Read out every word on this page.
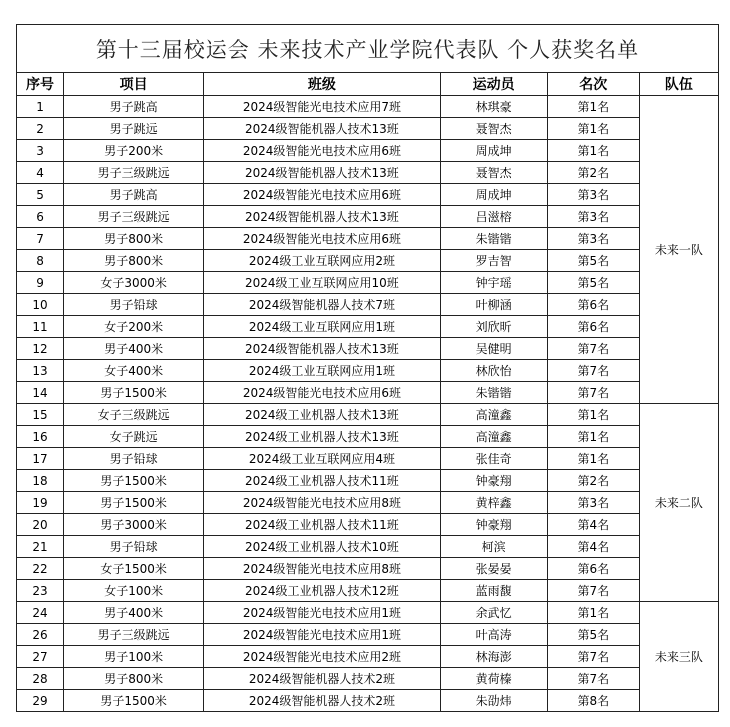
第十三届校运会 未来技术产业学院代表队 个人获奖名单					
序号	项目	班级	运动员	名次	队伍
1	男子跳高	2024级智能光电技术应用7班	林琪豪	第1名	未来一队
2	男子跳远	2024级智能机器人技术13班	聂智杰	第1名	
3	男子200米	2024级智能光电技术应用6班	周成坤	第1名	
4	男子三级跳远	2024级智能机器人技术13班	聂智杰	第2名	
5	男子跳高	2024级智能光电技术应用6班	周成坤	第3名	
6	男子三级跳远	2024级智能机器人技术13班	吕滋榕	第3名	
7	男子800米	2024级智能光电技术应用6班	朱锴锴	第3名	
8	男子800米	2024级工业互联网应用2班	罗吉智	第5名	
9	女子3000米	2024级工业互联网应用10班	钟宇瑶	第5名	
10	男子铅球	2024级智能机器人技术7班	叶柳涵	第6名	
11	女子200米	2024级工业互联网应用1班	刘欣昕	第6名	
12	男子400米	2024级智能机器人技术13班	吴健明	第7名	
13	女子400米	2024级工业互联网应用1班	林欣怡	第7名	
14	男子1500米	2024级智能光电技术应用6班	朱锴锴	第7名	
15	女子三级跳远	2024级工业机器人技术13班	高潼鑫	第1名	未来二队
16	女子跳远	2024级工业机器人技术13班	高潼鑫	第1名	
17	男子铅球	2024级工业互联网应用4班	张佳奇	第1名	
18	男子1500米	2024级工业机器人技术11班	钟豪翔	第2名	
19	男子1500米	2024级智能光电技术应用8班	黄梓鑫	第3名	
20	男子3000米	2024级工业机器人技术11班	钟豪翔	第4名	
21	男子铅球	2024级工业机器人技术10班	柯滨	第4名	
22	女子1500米	2024级智能光电技术应用8班	张晏晏	第6名	
23	女子100米	2024级工业机器人技术12班	蓝雨馥	第7名	
24	男子400米	2024级智能光电技术应用1班	余武忆	第1名	未来三队
26	男子三级跳远	2024级智能光电技术应用1班	叶高涛	第5名	
27	男子100米	2024级智能光电技术应用2班	林海澎	第7名	
28	男子800米	2024级智能机器人技术2班	黄荷榛	第7名	
29	男子1500米	2024级智能机器人技术2班	朱劭炜	第8名	
